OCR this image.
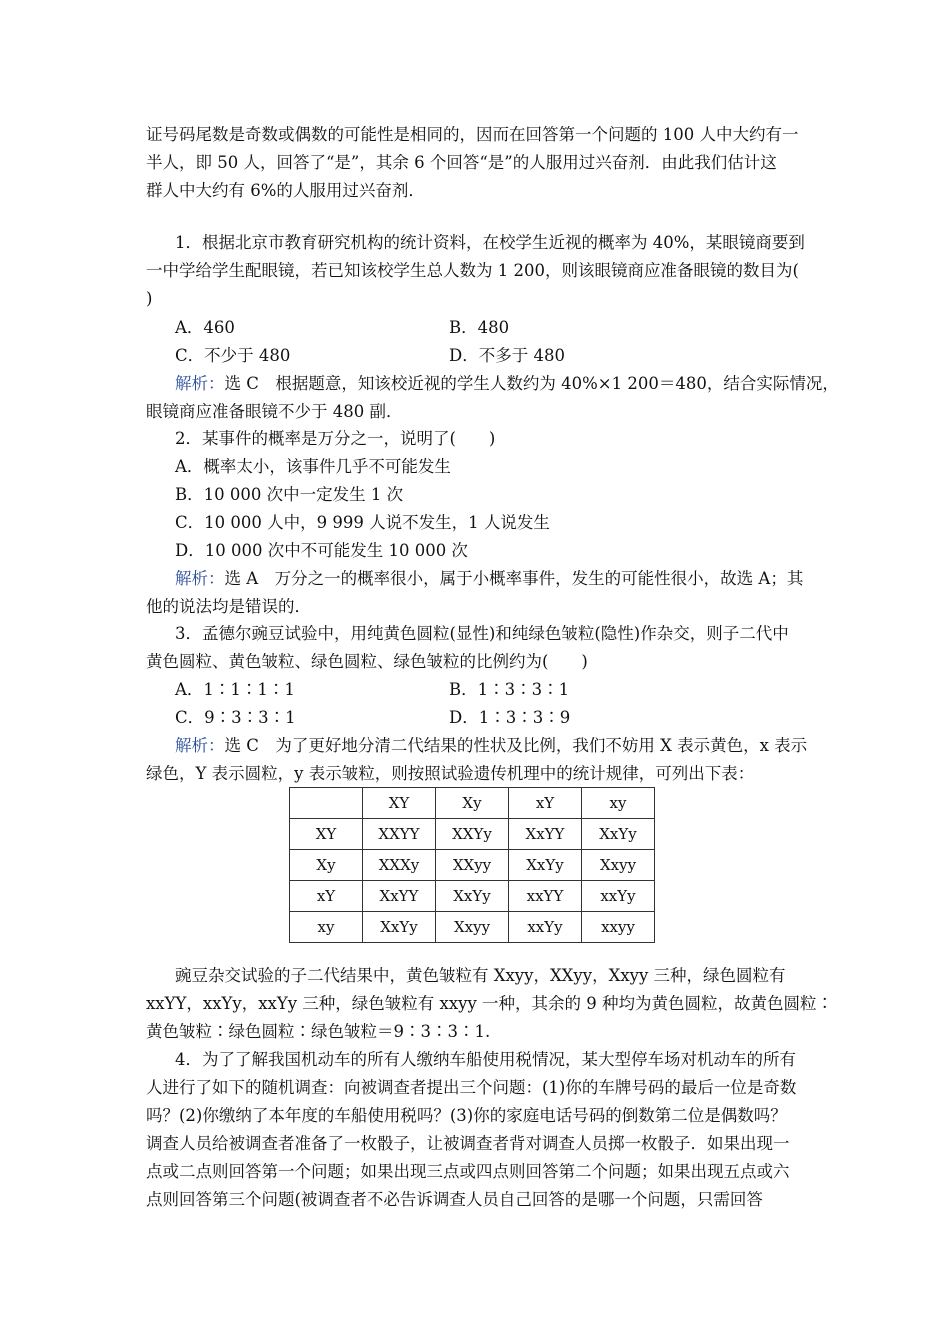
证号码尾数是奇数或偶数的可能性是相同的，因而在回答第一个问题的 100 人中大约有一
半人，即 50 人，回答了“是”，其余 6 个回答“是”的人服用过兴奋剂．由此我们估计这
群人中大约有 6%的人服用过兴奋剂．
1．根据北京市教育研究机构的统计资料，在校学生近视的概率为 40%，某眼镜商要到
一中学给学生配眼镜，若已知该校学生总人数为 1 200，则该眼镜商应准备眼镜的数目为(
)
A．460	B．480
C．不少于 480	D．不多于 480
解析：选 C　根据题意，知该校近视的学生人数约为 40%×1 200＝480，结合实际情况，
眼镜商应准备眼镜不少于 480 副．
2．某事件的概率是万分之一，说明了(　　)
A．概率太小，该事件几乎不可能发生
B．10 000 次中一定发生 1 次
C．10 000 人中，9 999 人说不发生，1 人说发生
D．10 000 次中不可能发生 10 000 次
解析：选 A　万分之一的概率很小，属于小概率事件，发生的可能性很小，故选 A；其
他的说法均是错误的．
3．孟德尔豌豆试验中，用纯黄色圆粒(显性)和纯绿色皱粒(隐性)作杂交，则子二代中
黄色圆粒、黄色皱粒、绿色圆粒、绿色皱粒的比例约为(　　)
A．1∶1∶1∶1	B．1∶3∶3∶1
C．9∶3∶3∶1	D．1∶3∶3∶9
解析：选 C　为了更好地分清二代结果的性状及比例，我们不妨用 X 表示黄色，x 表示
绿色，Y 表示圆粒，y 表示皱粒，则按照试验遗传机理中的统计规律，可列出下表：
	XY	Xy	xY	xy
XY	XXYY	XXYy	XxYY	XxYy
Xy	XXXy	XXyy	XxYy	Xxyy
xY	XxYY	XxYy	xxYY	xxYy
xy	XxYy	Xxyy	xxYy	xxyy
豌豆杂交试验的子二代结果中，黄色皱粒有 Xxyy，XXyy，Xxyy 三种，绿色圆粒有
xxYY，xxYy，xxYy 三种，绿色皱粒有 xxyy 一种，其余的 9 种均为黄色圆粒，故黄色圆粒∶
黄色皱粒∶绿色圆粒∶绿色皱粒＝9∶3∶3∶1.
4．为了了解我国机动车的所有人缴纳车船使用税情况，某大型停车场对机动车的所有
人进行了如下的随机调查：向被调查者提出三个问题：(1)你的车牌号码的最后一位是奇数
吗？(2)你缴纳了本年度的车船使用税吗？(3)你的家庭电话号码的倒数第二位是偶数吗？
调查人员给被调查者准备了一枚骰子，让被调查者背对调查人员掷一枚骰子．如果出现一
点或二点则回答第一个问题；如果出现三点或四点则回答第二个问题；如果出现五点或六
点则回答第三个问题(被调查者不必告诉调查人员自己回答的是哪一个问题，只需回答
